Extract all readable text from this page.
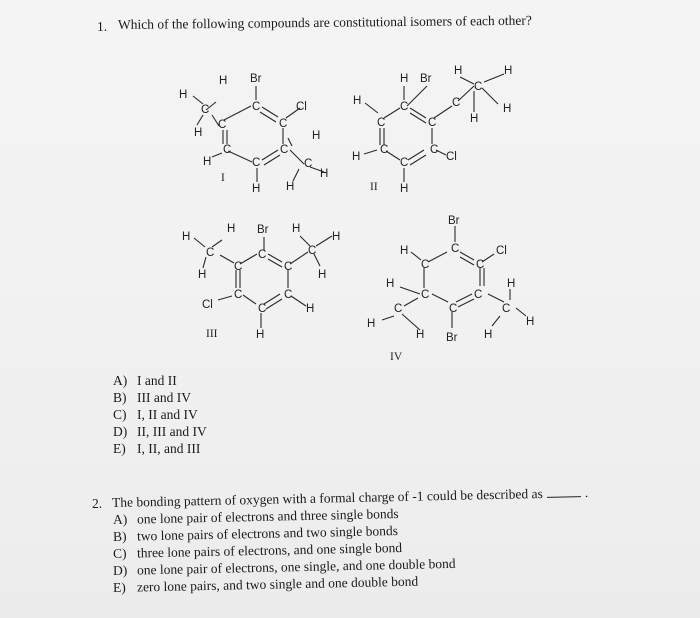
1. Which of the following compounds are constitutional isomers of each other?
H Br
H
C	C	Cl
C	C
H	H
C	C
H	C	C
H
H H
I
H Br
H	H
C
H	C	C	H
H
C	C
C	C
H	Cl
C
H
II
H Br H
H	H
C	C	C
C	C
H	H
C	C
Cl	C	H
H
III
Br
H	C	Cl
C	C
H	H
C	C
C	C	C
H	H
H Br H
IV
A) I and II
B) III and IV
C) I, II and IV
D) II, III and IV
E) I, II, and III
2. The bonding pattern of oxygen with a formal charge of -1 could be described as	.
A) one lone pair of electrons and three single bonds
B) two lone pairs of electrons and two single bonds
C) three lone pairs of electrons, and one single bond
D) one lone pair of electrons, one single, and one double bond
E) zero lone pairs, and two single and one double bond
